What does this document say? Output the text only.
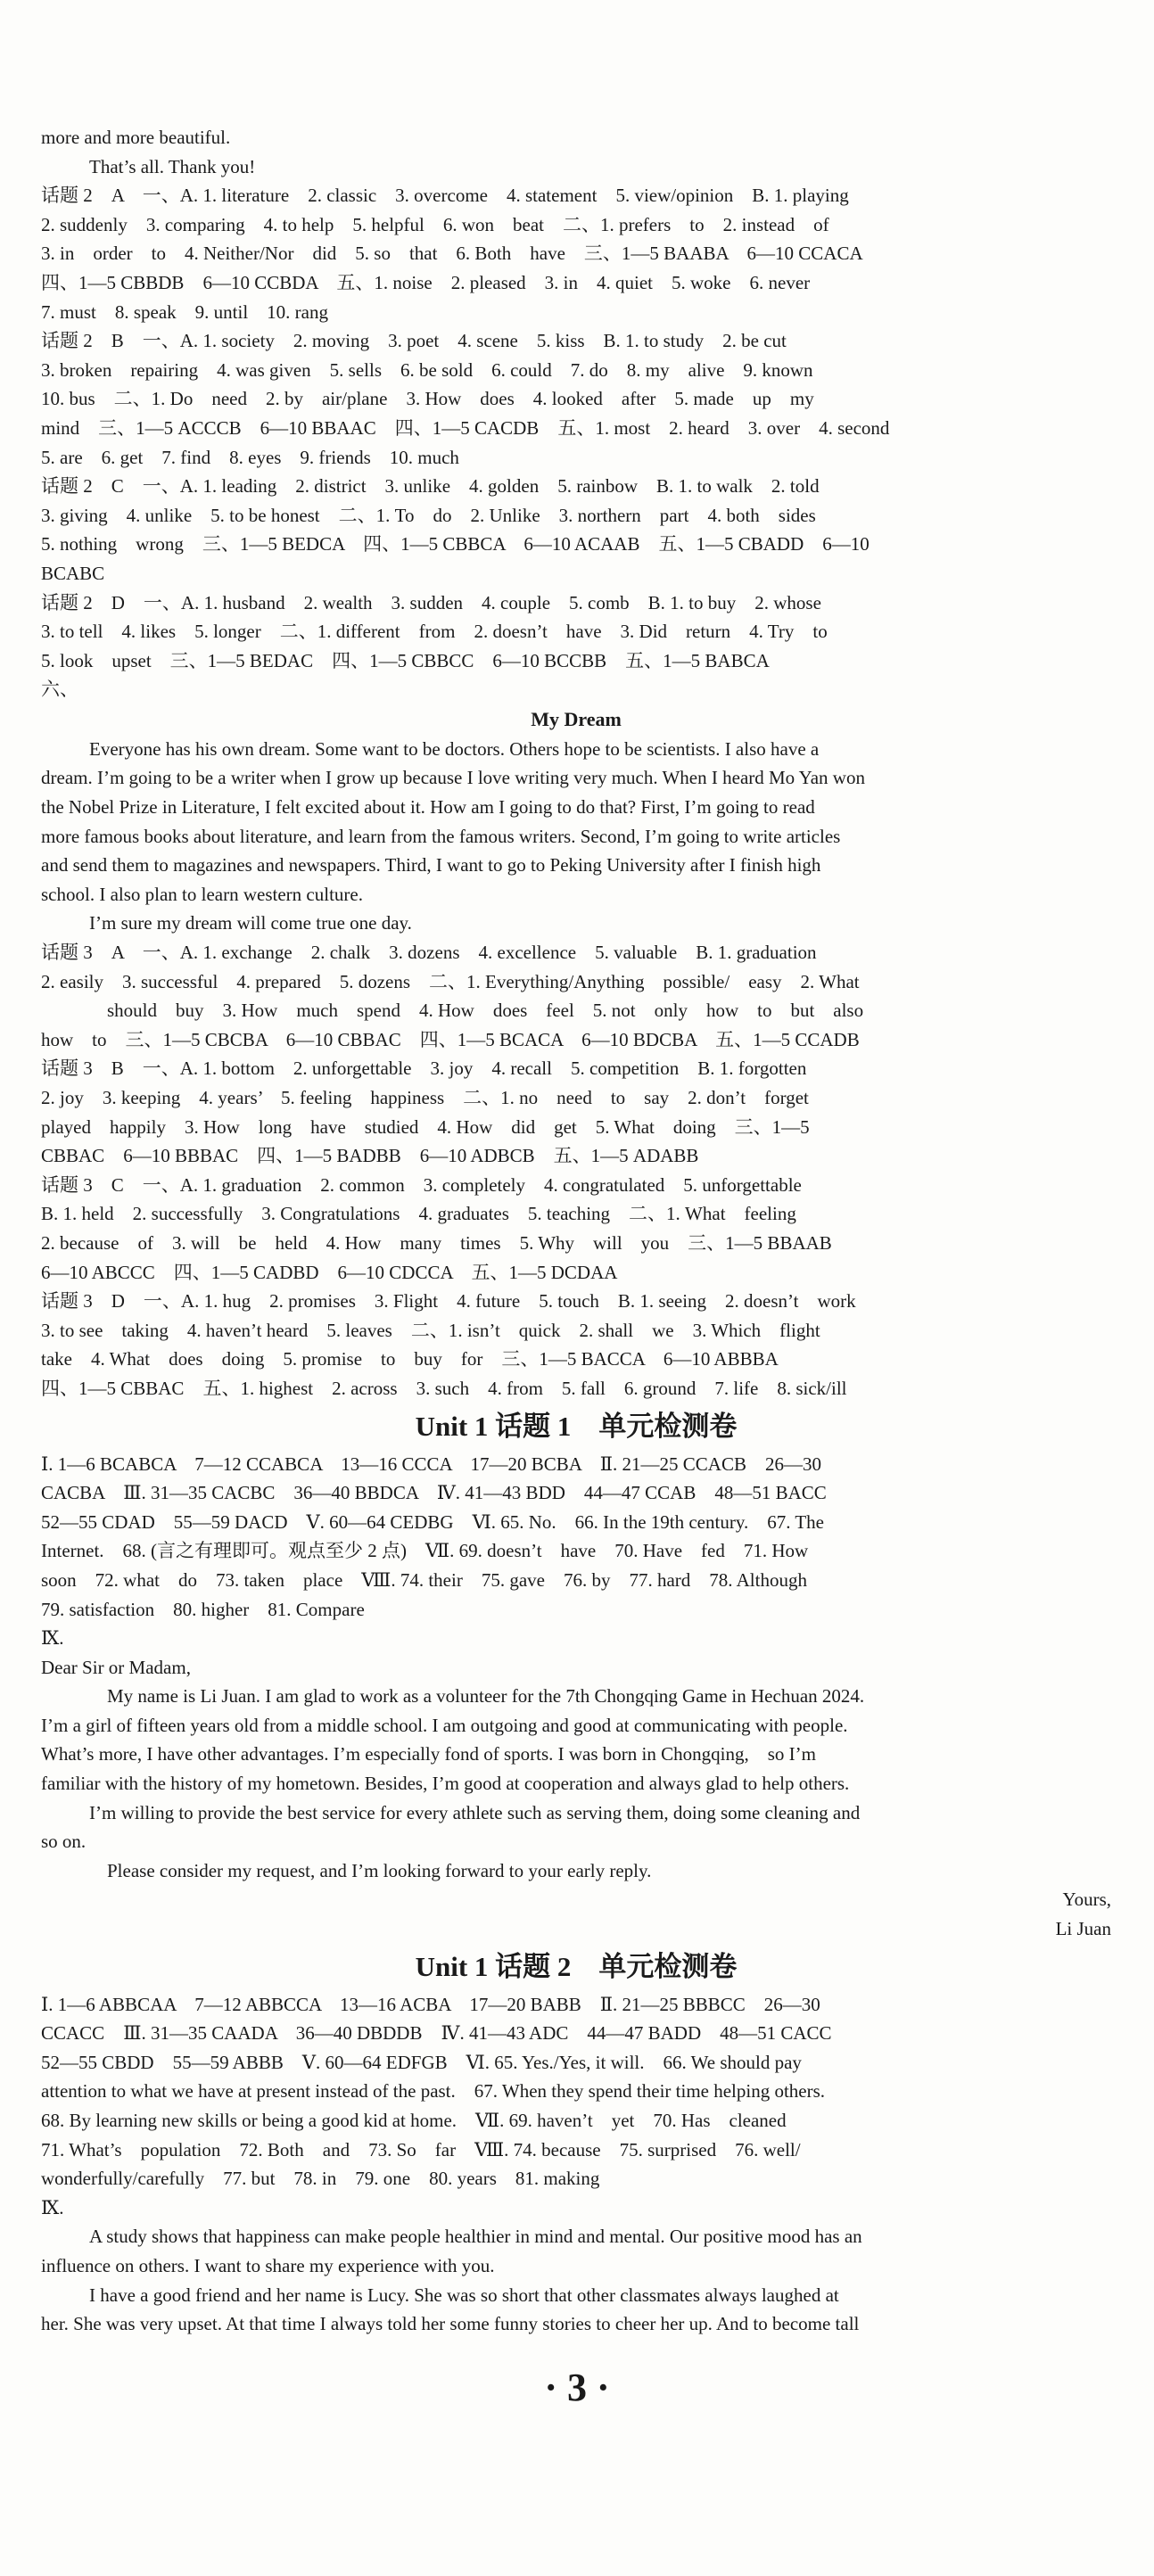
more and more beautiful.
That’s all. Thank you!
话题 2　A　一、A. 1. literature　2. classic　3. overcome　4. statement　5. view/opinion　B. 1. playing
2. suddenly　3. comparing　4. to help　5. helpful　6. won　beat　二、1. prefers　to　2. instead　of
3. in　order　to　4. Neither/Nor　did　5. so　that　6. Both　have　三、1—5 BAABA　6—10 CCACA
四、1—5 CBBDB　6—10 CCBDA　五、1. noise　2. pleased　3. in　4. quiet　5. woke　6. never
7. must　8. speak　9. until　10. rang
话题 2　B　一、A. 1. society　2. moving　3. poet　4. scene　5. kiss　B. 1. to study　2. be cut
3. broken　repairing　4. was given　5. sells　6. be sold　6. could　7. do　8. my　alive　9. known
10. bus　二、1. Do　need　2. by　air/plane　3. How　does　4. looked　after　5. made　up　my
mind　三、1—5 ACCCB　6—10 BBAAC　四、1—5 CACDB　五、1. most　2. heard　3. over　4. second
5. are　6. get　7. find　8. eyes　9. friends　10. much
话题 2　C　一、A. 1. leading　2. district　3. unlike　4. golden　5. rainbow　B. 1. to walk　2. told
3. giving　4. unlike　5. to be honest　二、1. To　do　2. Unlike　3. northern　part　4. both　sides
5. nothing　wrong　三、1—5 BEDCA　四、1—5 CBBCA　6—10 ACAAB　五、1—5 CBADD　6—10
BCABC
话题 2　D　一、A. 1. husband　2. wealth　3. sudden　4. couple　5. comb　B. 1. to buy　2. whose
3. to tell　4. likes　5. longer　二、1. different　from　2. doesn’t　have　3. Did　return　4. Try　to
5. look　upset　三、1—5 BEDAC　四、1—5 CBBCC　6—10 BCCBB　五、1—5 BABCA
六、
My Dream
Everyone has his own dream. Some want to be doctors. Others hope to be scientists. I also have a
dream. I’m going to be a writer when I grow up because I love writing very much. When I heard Mo Yan won
the Nobel Prize in Literature, I felt excited about it. How am I going to do that? First, I’m going to read
more famous books about literature, and learn from the famous writers. Second, I’m going to write articles
and send them to magazines and newspapers. Third, I want to go to Peking University after I finish high
school. I also plan to learn western culture.
I’m sure my dream will come true one day.
话题 3　A　一、A. 1. exchange　2. chalk　3. dozens　4. excellence　5. valuable　B. 1. graduation
2. easily　3. successful　4. prepared　5. dozens　二、1. Everything/Anything　possible/　easy　2. What
should　buy　3. How　much　spend　4. How　does　feel　5. not　only　how　to　but　also
how　to　三、1—5 CBCBA　6—10 CBBAC　四、1—5 BCACA　6—10 BDCBA　五、1—5 CCADB
话题 3　B　一、A. 1. bottom　2. unforgettable　3. joy　4. recall　5. competition　B. 1. forgotten
2. joy　3. keeping　4. years’　5. feeling　happiness　二、1. no　need　to　say　2. don’t　forget
played　happily　3. How　long　have　studied　4. How　did　get　5. What　doing　三、1—5
CBBAC　6—10 BBBAC　四、1—5 BADBB　6—10 ADBCB　五、1—5 ADABB
话题 3　C　一、A. 1. graduation　2. common　3. completely　4. congratulated　5. unforgettable
B. 1. held　2. successfully　3. Congratulations　4. graduates　5. teaching　二、1. What　feeling
2. because　of　3. will　be　held　4. How　many　times　5. Why　will　you　三、1—5 BBAAB
6—10 ABCCC　四、1—5 CADBD　6—10 CDCCA　五、1—5 DCDAA
话题 3　D　一、A. 1. hug　2. promises　3. Flight　4. future　5. touch　B. 1. seeing　2. doesn’t　work
3. to see　taking　4. haven’t heard　5. leaves　二、1. isn’t　quick　2. shall　we　3. Which　flight
take　4. What　does　doing　5. promise　to　buy　for　三、1—5 BACCA　6—10 ABBBA
四、1—5 CBBAC　五、1. highest　2. across　3. such　4. from　5. fall　6. ground　7. life　8. sick/ill
Unit 1 话题 1　单元检测卷
Ⅰ. 1—6 BCABCA　7—12 CCABCA　13—16 CCCA　17—20 BCBA　Ⅱ. 21—25 CCACB　26—30
CACBA　Ⅲ. 31—35 CACBC　36—40 BBDCA　Ⅳ. 41—43 BDD　44—47 CCAB　48—51 BACC
52—55 CDAD　55—59 DACD　Ⅴ. 60—64 CEDBG　Ⅵ. 65. No.　66. In the 19th century.　67. The
Internet.　68. (言之有理即可。观点至少 2 点)　Ⅶ. 69. doesn’t　have　70. Have　fed　71. How
soon　72. what　do　73. taken　place　Ⅷ. 74. their　75. gave　76. by　77. hard　78. Although
79. satisfaction　80. higher　81. Compare
Ⅸ.
Dear Sir or Madam,
My name is Li Juan. I am glad to work as a volunteer for the 7th Chongqing Game in Hechuan 2024.
I’m a girl of fifteen years old from a middle school. I am outgoing and good at communicating with people.
What’s more, I have other advantages. I’m especially fond of sports. I was born in Chongqing,　so I’m
familiar with the history of my hometown. Besides, I’m good at cooperation and always glad to help others.
I’m willing to provide the best service for every athlete such as serving them, doing some cleaning and
so on.
Please consider my request, and I’m looking forward to your early reply.
Yours,
Li Juan
Unit 1 话题 2　单元检测卷
Ⅰ. 1—6 ABBCAA　7—12 ABBCCA　13—16 ACBA　17—20 BABB　Ⅱ. 21—25 BBBCC　26—30
CCACC　Ⅲ. 31—35 CAADA　36—40 DBDDB　Ⅳ. 41—43 ADC　44—47 BADD　48—51 CACC
52—55 CBDD　55—59 ABBB　Ⅴ. 60—64 EDFGB　Ⅵ. 65. Yes./Yes, it will.　66. We should pay
attention to what we have at present instead of the past.　67. When they spend their time helping others.
68. By learning new skills or being a good kid at home.　Ⅶ. 69. haven’t　yet　70. Has　cleaned
71. What’s　population　72. Both　and　73. So　far　Ⅷ. 74. because　75. surprised　76. well/
wonderfully/carefully　77. but　78. in　79. one　80. years　81. making
Ⅸ.
A study shows that happiness can make people healthier in mind and mental. Our positive mood has an
influence on others. I want to share my experience with you.
I have a good friend and her name is Lucy. She was so short that other classmates always laughed at
her. She was very upset. At that time I always told her some funny stories to cheer her up. And to become tall
· 3 ·
